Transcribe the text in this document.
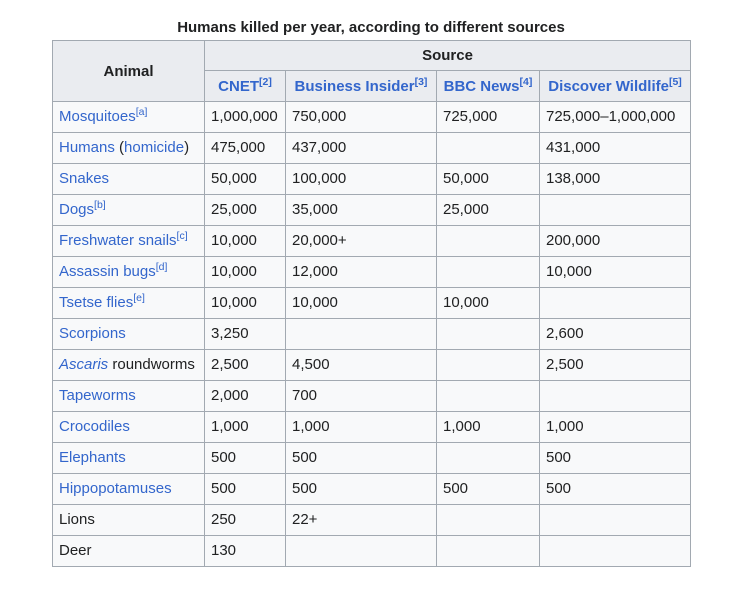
Humans killed per year, according to different sources
Animal	Source			
	CNET[2]	Business Insider[3]	BBC News[4]	Discover Wildlife[5]
Mosquitoes[a]	1,000,000	750,000	725,000	725,000–1,000,000
Humans (homicide)	475,000	437,000		431,000
Snakes	50,000	100,000	50,000	138,000
Dogs[b]	25,000	35,000	25,000	
Freshwater snails[c]	10,000	20,000+		200,000
Assassin bugs[d]	10,000	12,000		10,000
Tsetse flies[e]	10,000	10,000	10,000	
Scorpions	3,250			2,600
Ascaris roundworms	2,500	4,500		2,500
Tapeworms	2,000	700		
Crocodiles	1,000	1,000	1,000	1,000
Elephants	500	500		500
Hippopotamuses	500	500	500	500
Lions	250	22+		
Deer	130			
